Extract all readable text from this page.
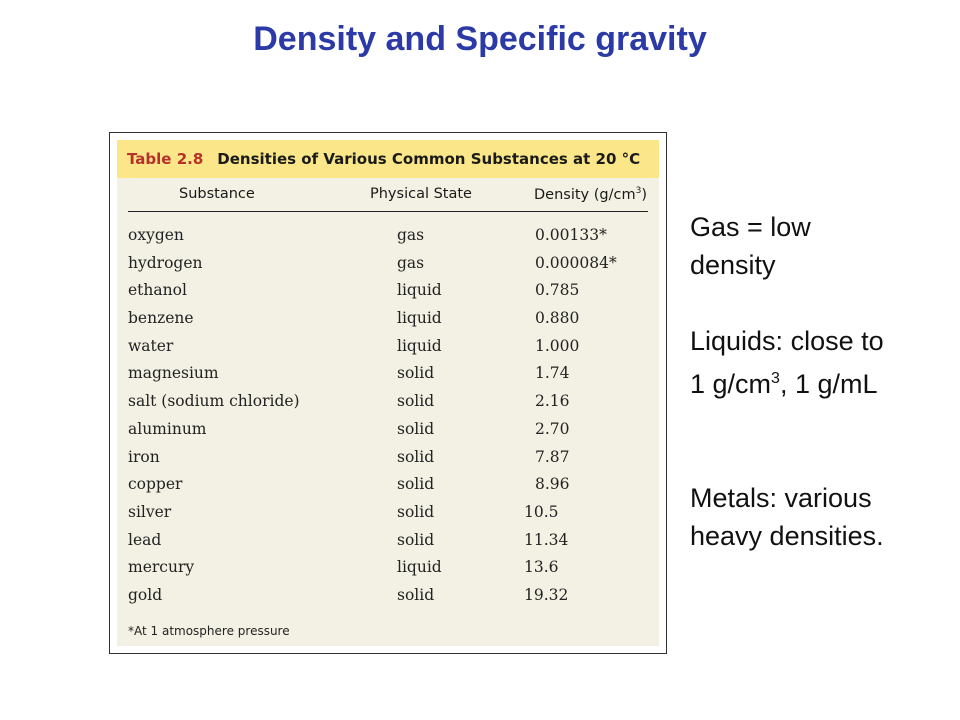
Density and Specific gravity
Table 2.8 Densities of Various Common Substances at 20 °C
Substance	Physical State	Density $(g/cm^3)$
oxygen	gas	0.00133*
hydrogen	gas	0.000084*
ethanol	liquid	0.785
benzene	liquid	0.880
water	liquid	1.000
magnesium	solid	1.74
salt (sodium chloride)	solid	2.16
aluminum	solid	2.70
iron	solid	7.87
copper	solid	8.96
silver	solid	10.5
lead	solid	11.34
mercury	liquid	13.6
gold	solid	19.32
*At 1 atmosphere pressure

Gas = low

density

Liquids: close to

1 $g/cm^3$, 1 g/mL

Metals: various

heavy densities.
